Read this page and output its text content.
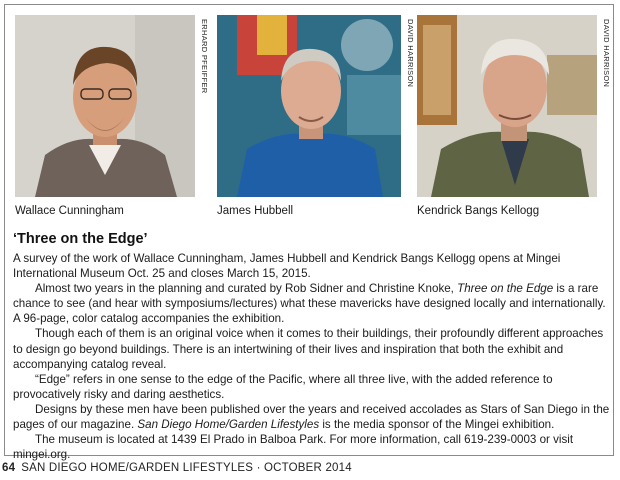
ERHARD PFEIFFER	DAVID HARRISON	DAVID HARRISON
Wallace Cunningham	James Hubbell	Kendrick Bangs Kellogg
‘Three on the Edge’

A survey of the work of Wallace Cunningham, James Hubbell and Kendrick Bangs Kellogg opens at Mingei International Museum Oct. 25 and closes March 15, 2015.

Almost two years in the planning and curated by Rob Sidner and Christine Knoke, Three on the Edge is a rare chance to see (and hear with symposiums/lectures) what these mavericks have designed locally and internationally. A 96-page, color catalog accompanies the exhibition.

Though each of them is an original voice when it comes to their buildings, their profoundly different approaches to design go beyond buildings. There is an intertwining of their lives and inspiration that both the exhibit and accompanying catalog reveal.

“Edge” refers in one sense to the edge of the Pacific, where all three live, with the added reference to provocatively risky and daring aesthetics.

Designs by these men have been published over the years and received accolades as Stars of San Diego in the pages of our magazine. San Diego Home/Garden Lifestyles is the media sponsor of the Mingei exhibition.

The museum is located at 1439 El Prado in Balboa Park. For more information, call 619-239-0003 or visit mingei.org.

64 SAN DIEGO HOME/GARDEN LIFESTYLES · OCTOBER 2014
